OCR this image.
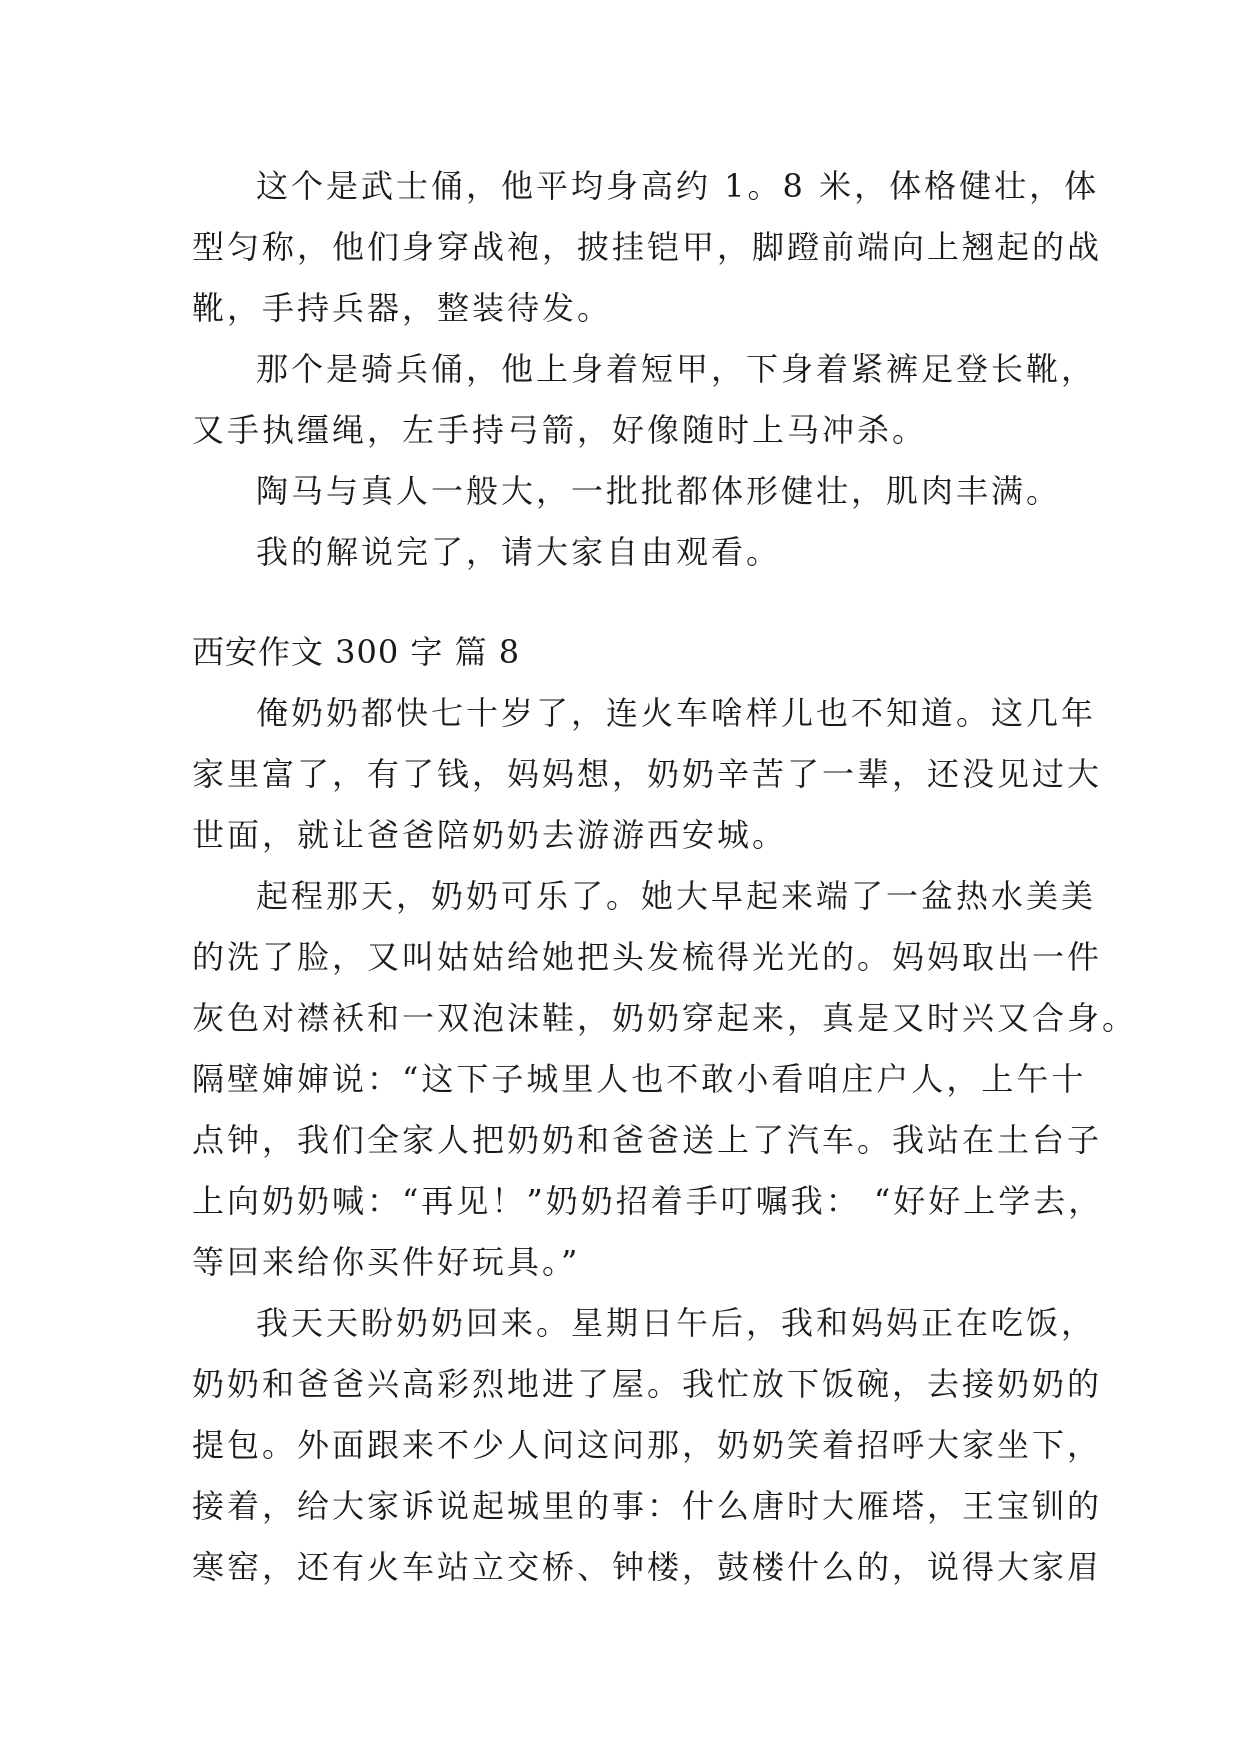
这个是武士俑，他平均身高约 1。8 米，体格健壮，体
型匀称，他们身穿战袍，披挂铠甲，脚蹬前端向上翘起的战
靴，手持兵器，整装待发。
那个是骑兵俑，他上身着短甲，下身着紧裤足登长靴，
又手执缰绳，左手持弓箭，好像随时上马冲杀。
陶马与真人一般大，一批批都体形健壮，肌肉丰满。
我的解说完了，请大家自由观看。
西安作文 300 字 篇 8
俺奶奶都快七十岁了，连火车啥样儿也不知道。这几年
家里富了，有了钱，妈妈想，奶奶辛苦了一辈，还没见过大
世面，就让爸爸陪奶奶去游游西安城。
起程那天，奶奶可乐了。她大早起来端了一盆热水美美
的洗了脸，又叫姑姑给她把头发梳得光光的。妈妈取出一件
灰色对襟袄和一双泡沫鞋，奶奶穿起来，真是又时兴又合身。
隔壁婶婶说：“这下子城里人也不敢小看咱庄户人，上午十
点钟，我们全家人把奶奶和爸爸送上了汽车。我站在土台子
上向奶奶喊：“再见！”奶奶招着手叮嘱我： “好好上学去，
等回来给你买件好玩具。”
我天天盼奶奶回来。星期日午后，我和妈妈正在吃饭，
奶奶和爸爸兴高彩烈地进了屋。我忙放下饭碗，去接奶奶的
提包。外面跟来不少人问这问那，奶奶笑着招呼大家坐下，
接着，给大家诉说起城里的事：什么唐时大雁塔，王宝钏的
寒窑，还有火车站立交桥、钟楼，鼓楼什么的，说得大家眉
